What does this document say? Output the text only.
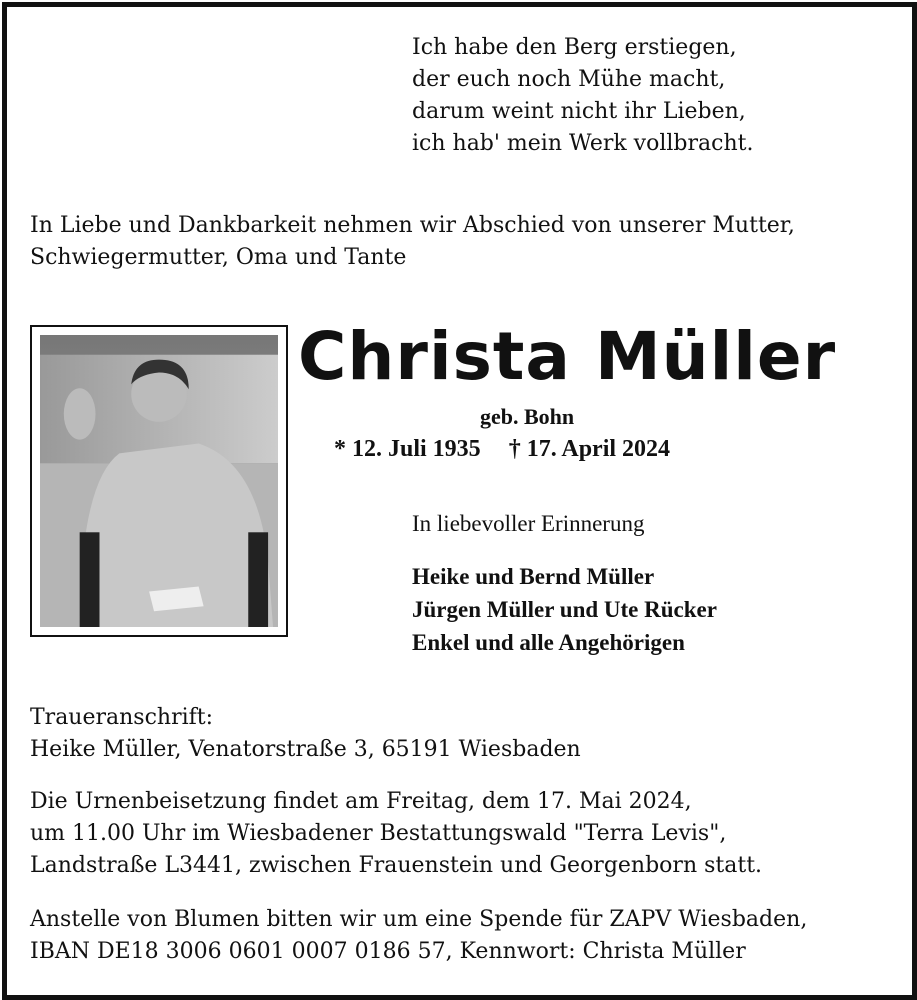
Ich habe den Berg erstiegen,
der euch noch Mühe macht,
darum weint nicht ihr Lieben,
ich hab' mein Werk vollbracht.
In Liebe und Dankbarkeit nehmen wir Abschied von unserer Mutter,
Schwiegermutter, Oma und Tante
Christa Müller
geb. Bohn
* 12. Juli 1935 † 17. April 2024
In liebevoller Erinnerung
Heike und Bernd Müller
Jürgen Müller und Ute Rücker
Enkel und alle Angehörigen
Traueranschrift:
Heike Müller, Venatorstraße 3, 65191 Wiesbaden
Die Urnenbeisetzung findet am Freitag, dem 17. Mai 2024,
um 11.00 Uhr im Wiesbadener Bestattungswald "Terra Levis",
Landstraße L3441, zwischen Frauenstein und Georgenborn statt.
Anstelle von Blumen bitten wir um eine Spende für ZAPV Wiesbaden,
IBAN DE18 3006 0601 0007 0186 57, Kennwort: Christa Müller
